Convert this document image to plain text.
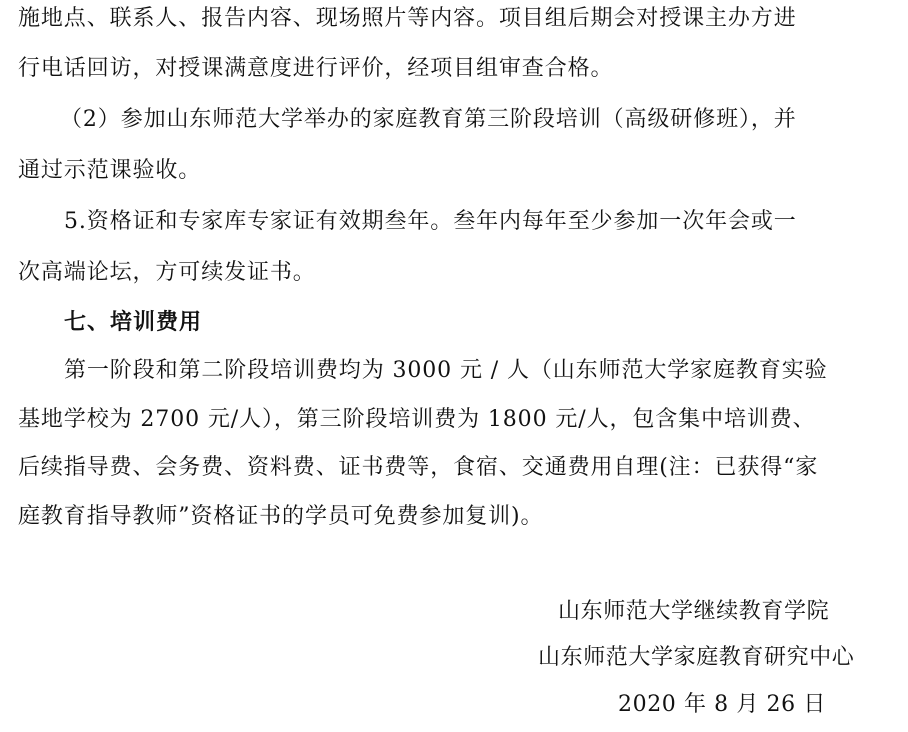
施地点、联系人、报告内容、现场照片等内容。项目组后期会对授课主办方进
行电话回访，对授课满意度进行评价，经项目组审查合格。
（2）参加山东师范大学举办的家庭教育第三阶段培训（高级研修班），并
通过示范课验收。
5.资格证和专家库专家证有效期叁年。叁年内每年至少参加一次年会或一
次高端论坛，方可续发证书。
七、培训费用
第一阶段和第二阶段培训费均为 3000 元 / 人（山东师范大学家庭教育实验
基地学校为 2700 元/人），第三阶段培训费为 1800 元/人，包含集中培训费、
后续指导费、会务费、资料费、证书费等，食宿、交通费用自理(注：已获得“家
庭教育指导教师”资格证书的学员可免费参加复训)。
山东师范大学继续教育学院
山东师范大学家庭教育研究中心
2020 年 8 月 26 日
